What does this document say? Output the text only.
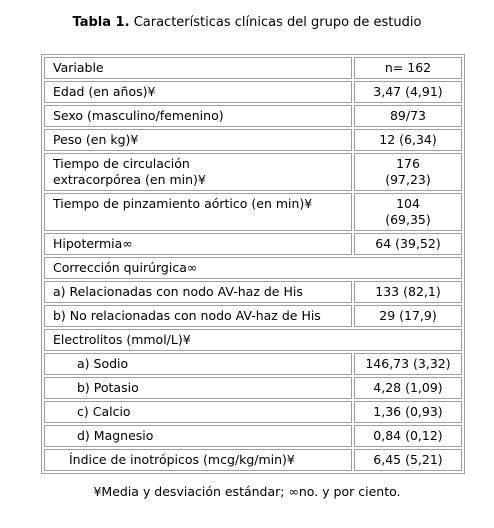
Tabla 1. Características clínicas del grupo de estudio
Variable	n= 162
Edad (en años)¥	3,47 (4,91)
Sexo (masculino/femenino)	89/73
Peso (en kg)¥	12 (6,34)
Tiempo de circulación
extracorpórea (en min)¥	176
(97,23)
Tiempo de pinzamiento aórtico (en min)¥	104
(69,35)
Hipotermia∞	64 (39,52)
Corrección quirúrgica∞	
a) Relacionadas con nodo AV-haz de His	133 (82,1)
b) No relacionadas con nodo AV-haz de His	29 (17,9)
Electrolitos (mmol/L)¥	
a) Sodio	146,73 (3,32)
b) Potasio	4,28 (1,09)
c) Calcio	1,36 (0,93)
d) Magnesio	0,84 (0,12)
Índice de inotrópicos (mcg/kg/min)¥	6,45 (5,21)
¥Media y desviación estándar; ∞no. y por ciento.
